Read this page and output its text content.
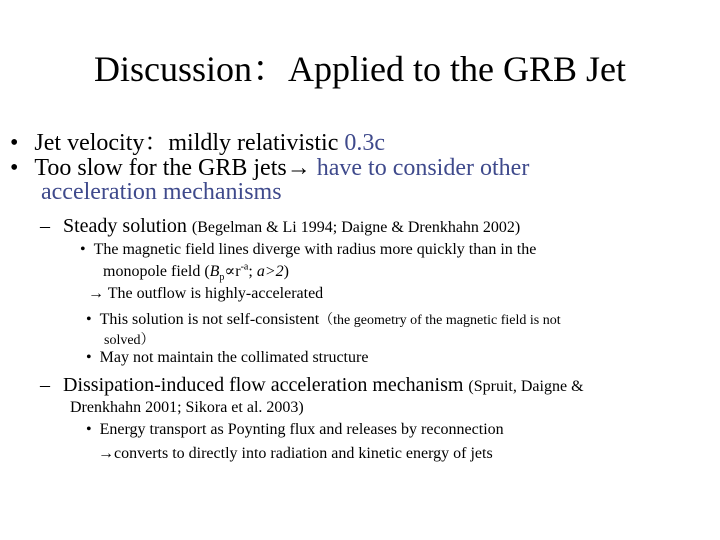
Discussion：Applied to the GRB Jet
• Jet velocity：mildly relativistic 0.3c
• Too slow for the GRB jets→ have to consider other
acceleration mechanisms
– Steady solution (Begelman & Li 1994; Daigne & Drenkhahn 2002)
• The magnetic field lines diverge with radius more quickly than in the
monopole field ($B_p\propto r^{-a}$; a>2)
→ The outflow is highly-accelerated
• This solution is not self-consistent（the geometry of the magnetic field is not
solved）
• May not maintain the collimated structure
– Dissipation-induced flow acceleration mechanism (Spruit, Daigne &
Drenkhahn 2001; Sikora et al. 2003)
• Energy transport as Poynting flux and releases by reconnection
→converts to directly into radiation and kinetic energy of jets
